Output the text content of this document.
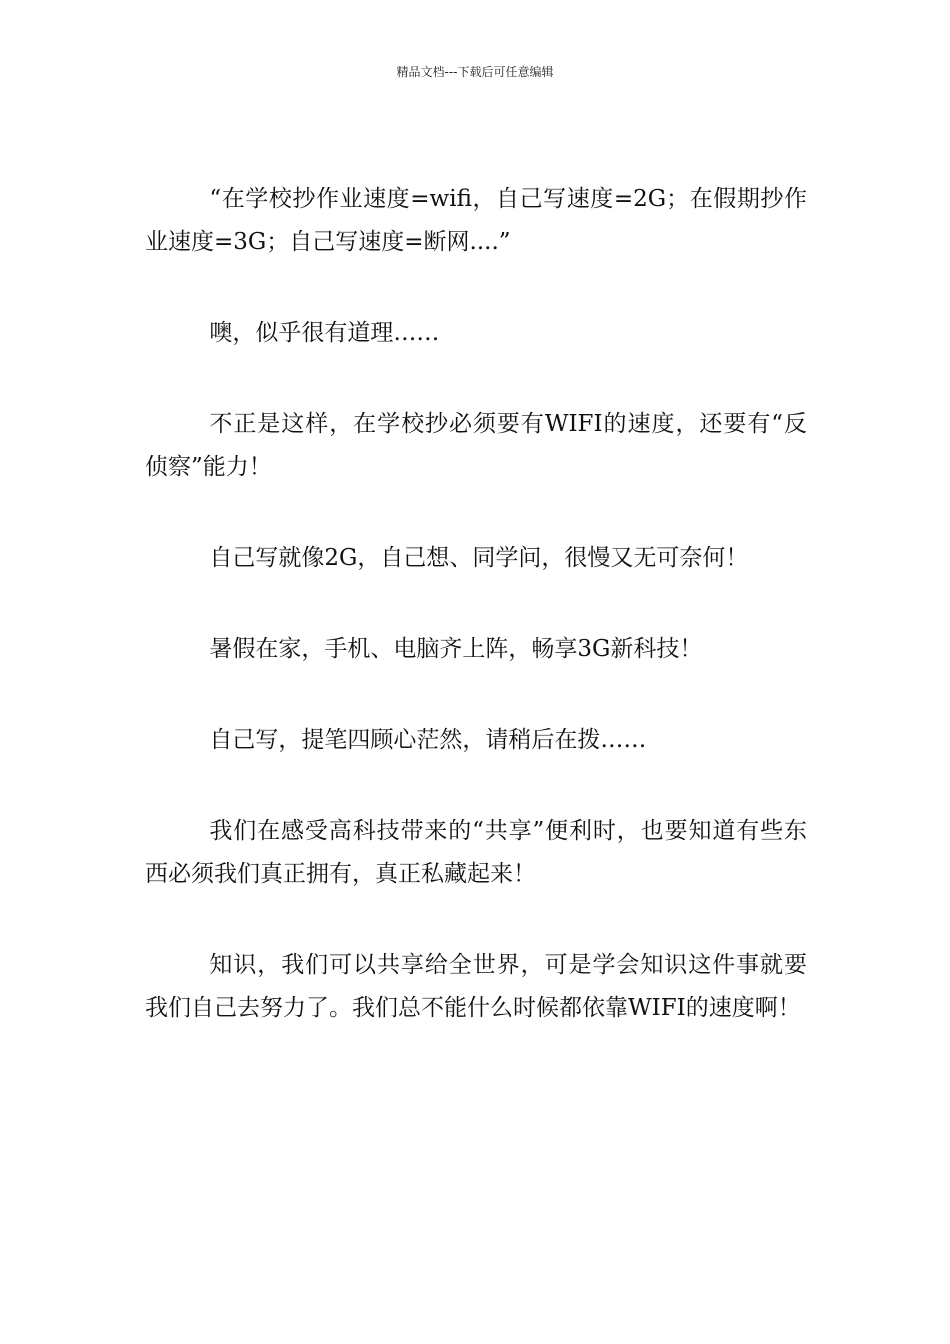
精品文档---下载后可任意编辑

“在学校抄作业速度=wifi，自己写速度=2G；在假期抄作业速度=3G；自己写速度=断网....”

噢，似乎很有道理……

不正是这样，在学校抄必须要有WIFI的速度，还要有“反侦察”能力！

自己写就像2G，自己想、同学问，很慢又无可奈何！

暑假在家，手机、电脑齐上阵，畅享3G新科技！

自己写，提笔四顾心茫然，请稍后在拨……

我们在感受高科技带来的“共享”便利时，也要知道有些东西必须我们真正拥有，真正私藏起来！

知识，我们可以共享给全世界，可是学会知识这件事就要我们自己去努力了。我们总不能什么时候都依靠WIFI的速度啊！
